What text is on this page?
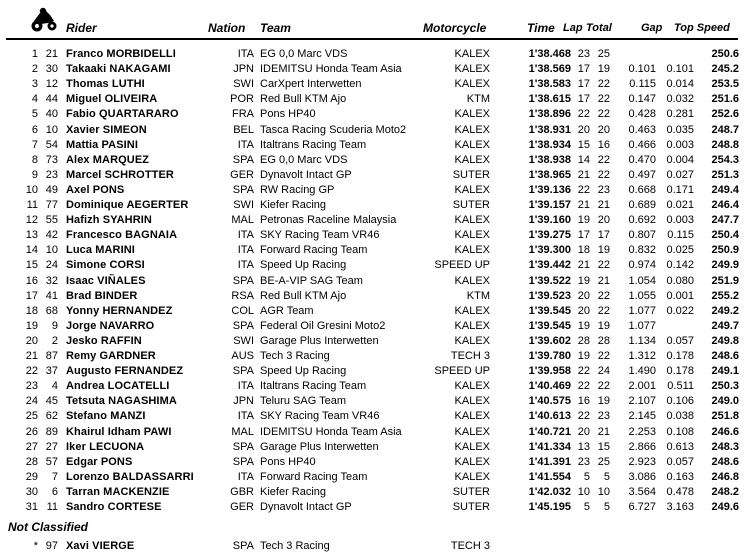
Rider	Nation Team	Motorcycle	Time Lap Total	Gap Top Speed
1 21 Franco MORBIDELLI	ITA EG 0,0 Marc VDS	KALEX	1'38.468 23 25	250.6
2 30 Takaaki NAKAGAMI	JPN IDEMITSU Honda Team Asia	KALEX	1'38.569 17 19	0.101 0.101	245.2
3 12 Thomas LUTHI	SWI CarXpert Interwetten	KALEX	1'38.583 17 22	0.115 0.014	253.5
4 44 Miguel OLIVEIRA	POR Red Bull KTM Ajo	KTM	1'38.615 17 22	0.147 0.032	251.6
5 40 Fabio QUARTARARO	FRA Pons HP40	KALEX	1'38.896 22 22	0.428 0.281	252.6
6 10 Xavier SIMEON	BEL Tasca Racing Scuderia Moto2	KALEX	1'38.931 20 20	0.463 0.035	248.7
7 54 Mattia PASINI	ITA Italtrans Racing Team	KALEX	1'38.934 15 16	0.466 0.003	248.8
8 73 Alex MARQUEZ	SPA EG 0,0 Marc VDS	KALEX	1'38.938 14 22	0.470 0.004	254.3
9 23 Marcel SCHROTTER	GER Dynavolt Intact GP	SUTER	1'38.965 21 22	0.497 0.027	251.3
10 49 Axel PONS	SPA RW Racing GP	KALEX	1'39.136 22 23	0.668 0.171	249.4
11 77 Dominique AEGERTER	SWI Kiefer Racing	SUTER	1'39.157 21 21	0.689 0.021	246.4
12 55 Hafizh SYAHRIN	MAL Petronas Raceline Malaysia	KALEX	1'39.160 19 20	0.692 0.003	247.7
13 42 Francesco BAGNAIA	ITA SKY Racing Team VR46	KALEX	1'39.275 17 17	0.807	0.115	250.4
14 10 Luca MARINI	ITA Forward Racing Team	KALEX	1'39.300 18 19	0.832 0.025	250.9
15 24 Simone CORSI	ITA Speed Up Racing	SPEED UP	1'39.442 21 22	0.974 0.142	249.9
16 32 Isaac VIÑALES	SPA BE-A-VIP SAG Team	KALEX	1'39.522 19 21	1.054 0.080	251.9
17 41 Brad BINDER	RSA Red Bull KTM Ajo	KTM	1'39.523 20 22	1.055 0.001	255.2
18 68 Yonny HERNANDEZ	COL AGR Team	KALEX	1'39.545 20 22	1.077 0.022	249.2
19	9 Jorge NAVARRO	SPA Federal Oil Gresini Moto2	KALEX	1'39.545 19 19	1.077	249.7
20	2 Jesko RAFFIN	SWI Garage Plus Interwetten	KALEX	1'39.602 28 28	1.134 0.057	249.8
21 87 Remy GARDNER	AUS Tech 3 Racing	TECH 3	1'39.780 19 22	1.312 0.178	248.6
22 37 Augusto FERNANDEZ	SPA Speed Up Racing	SPEED UP	1'39.958 22 24	1.490 0.178	249.1
23	4 Andrea LOCATELLI	ITA Italtrans Racing Team	KALEX	1'40.469 22 22	2.001	0.511	250.3
24 45 Tetsuta NAGASHIMA	JPN Teluru SAG Team	KALEX	1'40.575 16 19	2.107 0.106	249.0
25 62 Stefano MANZI	ITA SKY Racing Team VR46	KALEX	1'40.613 22 23	2.145 0.038	251.8
26 89 Khairul Idham PAWI	MAL IDEMITSU Honda Team Asia	KALEX	1'40.721 20 21	2.253 0.108	246.6
27 27 Iker LECUONA	SPA Garage Plus Interwetten	KALEX	1'41.334 13 15	2.866 0.613	248.3
28 57 Edgar PONS	SPA Pons HP40	KALEX	1'41.391 23 25	2.923 0.057	248.6
29	7 Lorenzo BALDASSARRI	ITA Forward Racing Team	KALEX	1'41.554	5	5	3.086 0.163	246.8
30	6 Tarran MACKENZIE	GBR Kiefer Racing	SUTER	1'42.032 10 10	3.564 0.478	248.2
31 11 Sandro CORTESE	GER Dynavolt Intact GP	SUTER	1'45.195	5	5	6.727 3.163	249.6
Not Classified
* 97 Xavi VIERGE	SPA Tech 3 Racing	TECH 3
